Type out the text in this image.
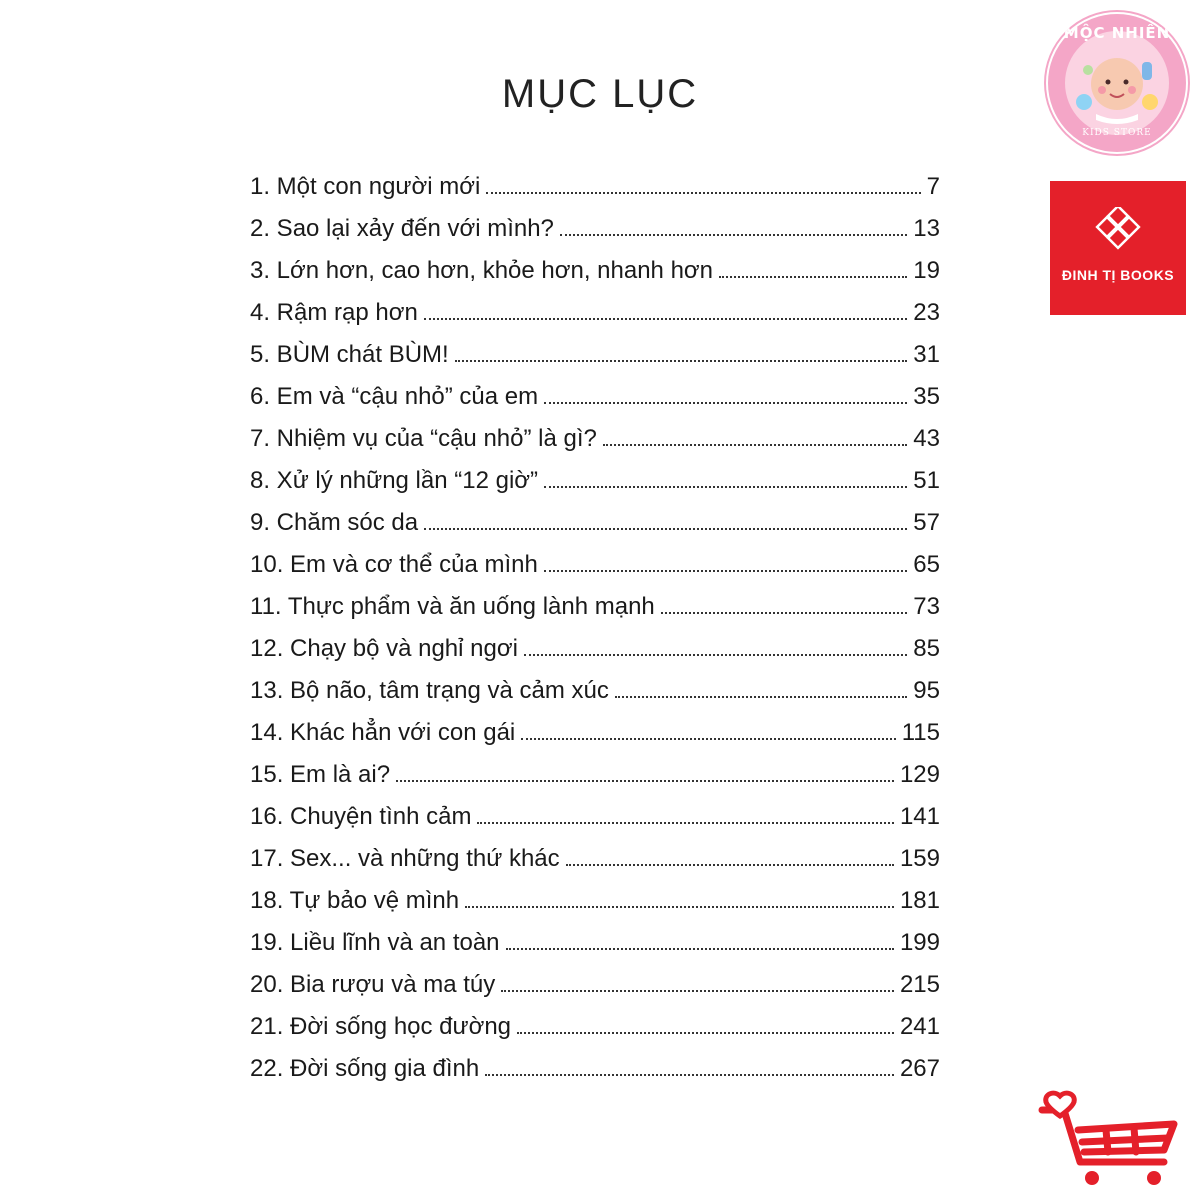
MỤC LỤC
1. Một con người mới	7
2. Sao lại xảy đến với mình?	13
3. Lớn hơn, cao hơn, khỏe hơn, nhanh hơn	19
4. Rậm rạp hơn	23
5. BÙM chát BÙM!	31
6. Em và “cậu nhỏ” của em	35
7. Nhiệm vụ của “cậu nhỏ” là gì?	43
8. Xử lý những lần “12 giờ”	51
9. Chăm sóc da	57
10. Em và cơ thể của mình	65
11. Thực phẩm và ăn uống lành mạnh	73
12. Chạy bộ và nghỉ ngơi	85
13. Bộ não, tâm trạng và cảm xúc	95
14. Khác hẳn với con gái	115
15. Em là ai?	129
16. Chuyện tình cảm	141
17. Sex... và những thứ khác	159
18. Tự bảo vệ mình	181
19. Liều lĩnh và an toàn	199
20. Bia rượu và ma túy	215
21. Đời sống học đường	241
22. Đời sống gia đình	267
MỘC NHIÊN
KIDS STORE
ĐINH TỊ BOOKS
